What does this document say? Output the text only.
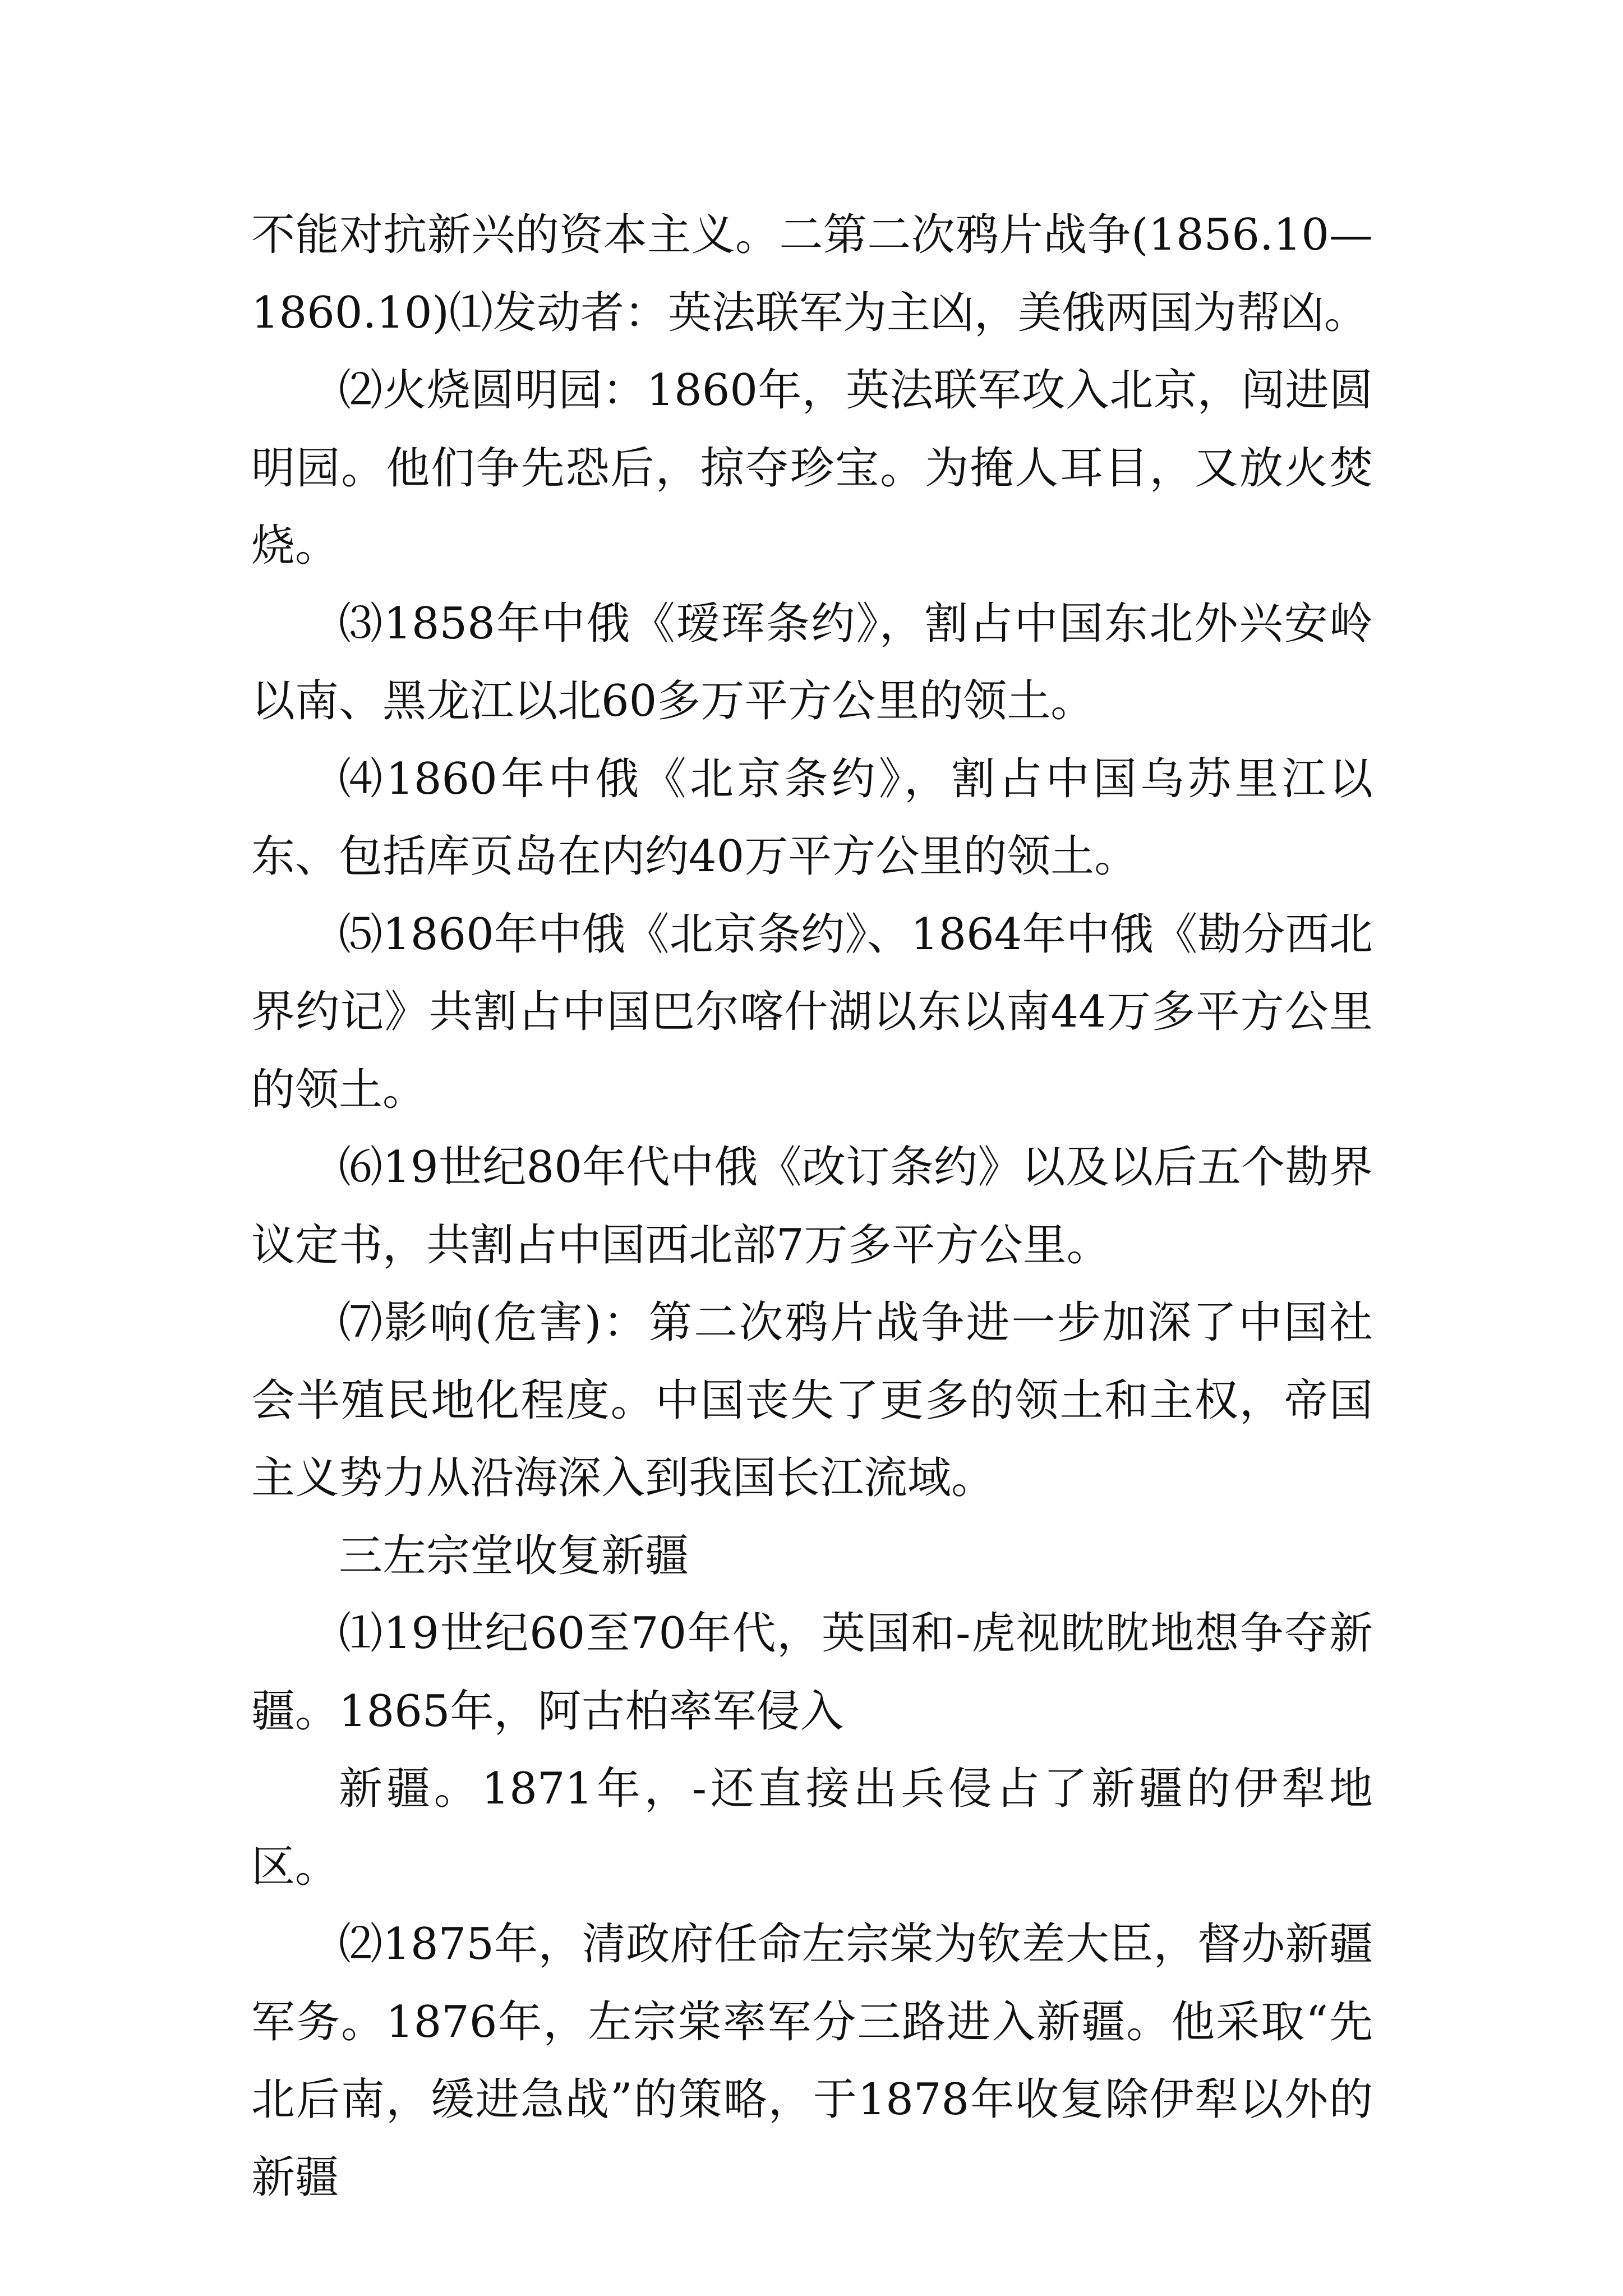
不能对抗新兴的资本主义。二第二次鸦片战争(1856.10—1860.10)⑴发动者：英法联军为主凶，美俄两国为帮凶。

⑵火烧圆明园：1860年，英法联军攻入北京，闯进圆明园。他们争先恐后，掠夺珍宝。为掩人耳目，又放火焚烧。

⑶1858年中俄《瑷珲条约》，割占中国东北外兴安岭以南、黑龙江以北60多万平方公里的领土。

⑷1860年中俄《北京条约》，割占中国乌苏里江以东、包括库页岛在内约40万平方公里的领土。

⑸1860年中俄《北京条约》、1864年中俄《勘分西北界约记》共割占中国巴尔喀什湖以东以南44万多平方公里的领土。

⑹19世纪80年代中俄《改订条约》以及以后五个勘界议定书，共割占中国西北部7万多平方公里。

⑺影响(危害)：第二次鸦片战争进一步加深了中国社会半殖民地化程度。中国丧失了更多的领土和主权，帝国主义势力从沿海深入到我国长江流域。

三左宗堂收复新疆

⑴19世纪60至70年代，英国和-虎视眈眈地想争夺新疆。1865年，阿古柏率军侵入

新疆。1871年，-还直接出兵侵占了新疆的伊犁地区。

⑵1875年，清政府任命左宗棠为钦差大臣，督办新疆军务。1876年，左宗棠率军分三路进入新疆。他采取“先北后南，缓进急战”的策略，于1878年收复除伊犁以外的新疆
